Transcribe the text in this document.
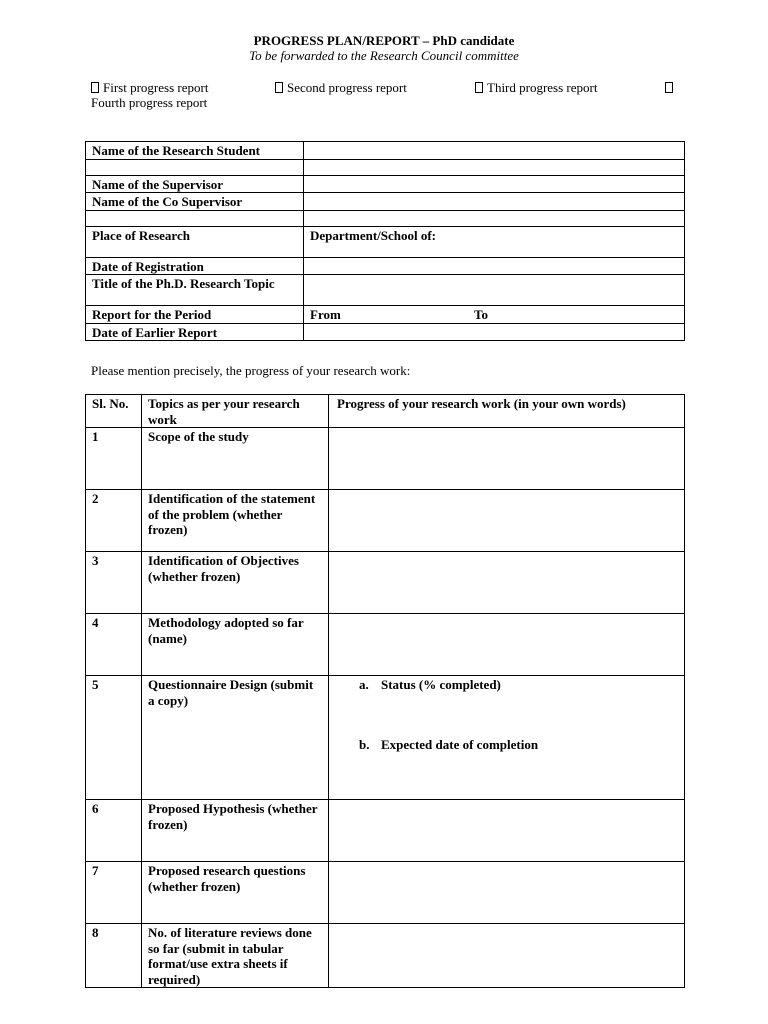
PROGRESS PLAN/REPORT – PhD candidate
To be forwarded to the Research Council committee
First progress report	Second progress report	Third progress report
Fourth progress report
Name of the Research Student	

Name of the Supervisor	
Name of the Co Supervisor	

Place of Research	Department/School of:
Date of Registration	
Title of the Ph.D. Research Topic	
Report for the Period	From To

Date of Earlier Report	
Please mention precisely, the progress of your research work:
Sl. No.	Topics as per your research work	Progress of your research work (in your own words)
1	Scope of the study	
2	Identification of the statement of the problem (whether frozen)	
3	Identification of Objectives (whether frozen)	
4	Methodology adopted so far (name)	
5	Questionnaire Design (submit a copy)	a. Status (% completed)
b. Expected date of completion

6	Proposed Hypothesis (whether frozen)	
7	Proposed research questions (whether frozen)	
8	No. of literature reviews done so far (submit in tabular format/use extra sheets if required)	
